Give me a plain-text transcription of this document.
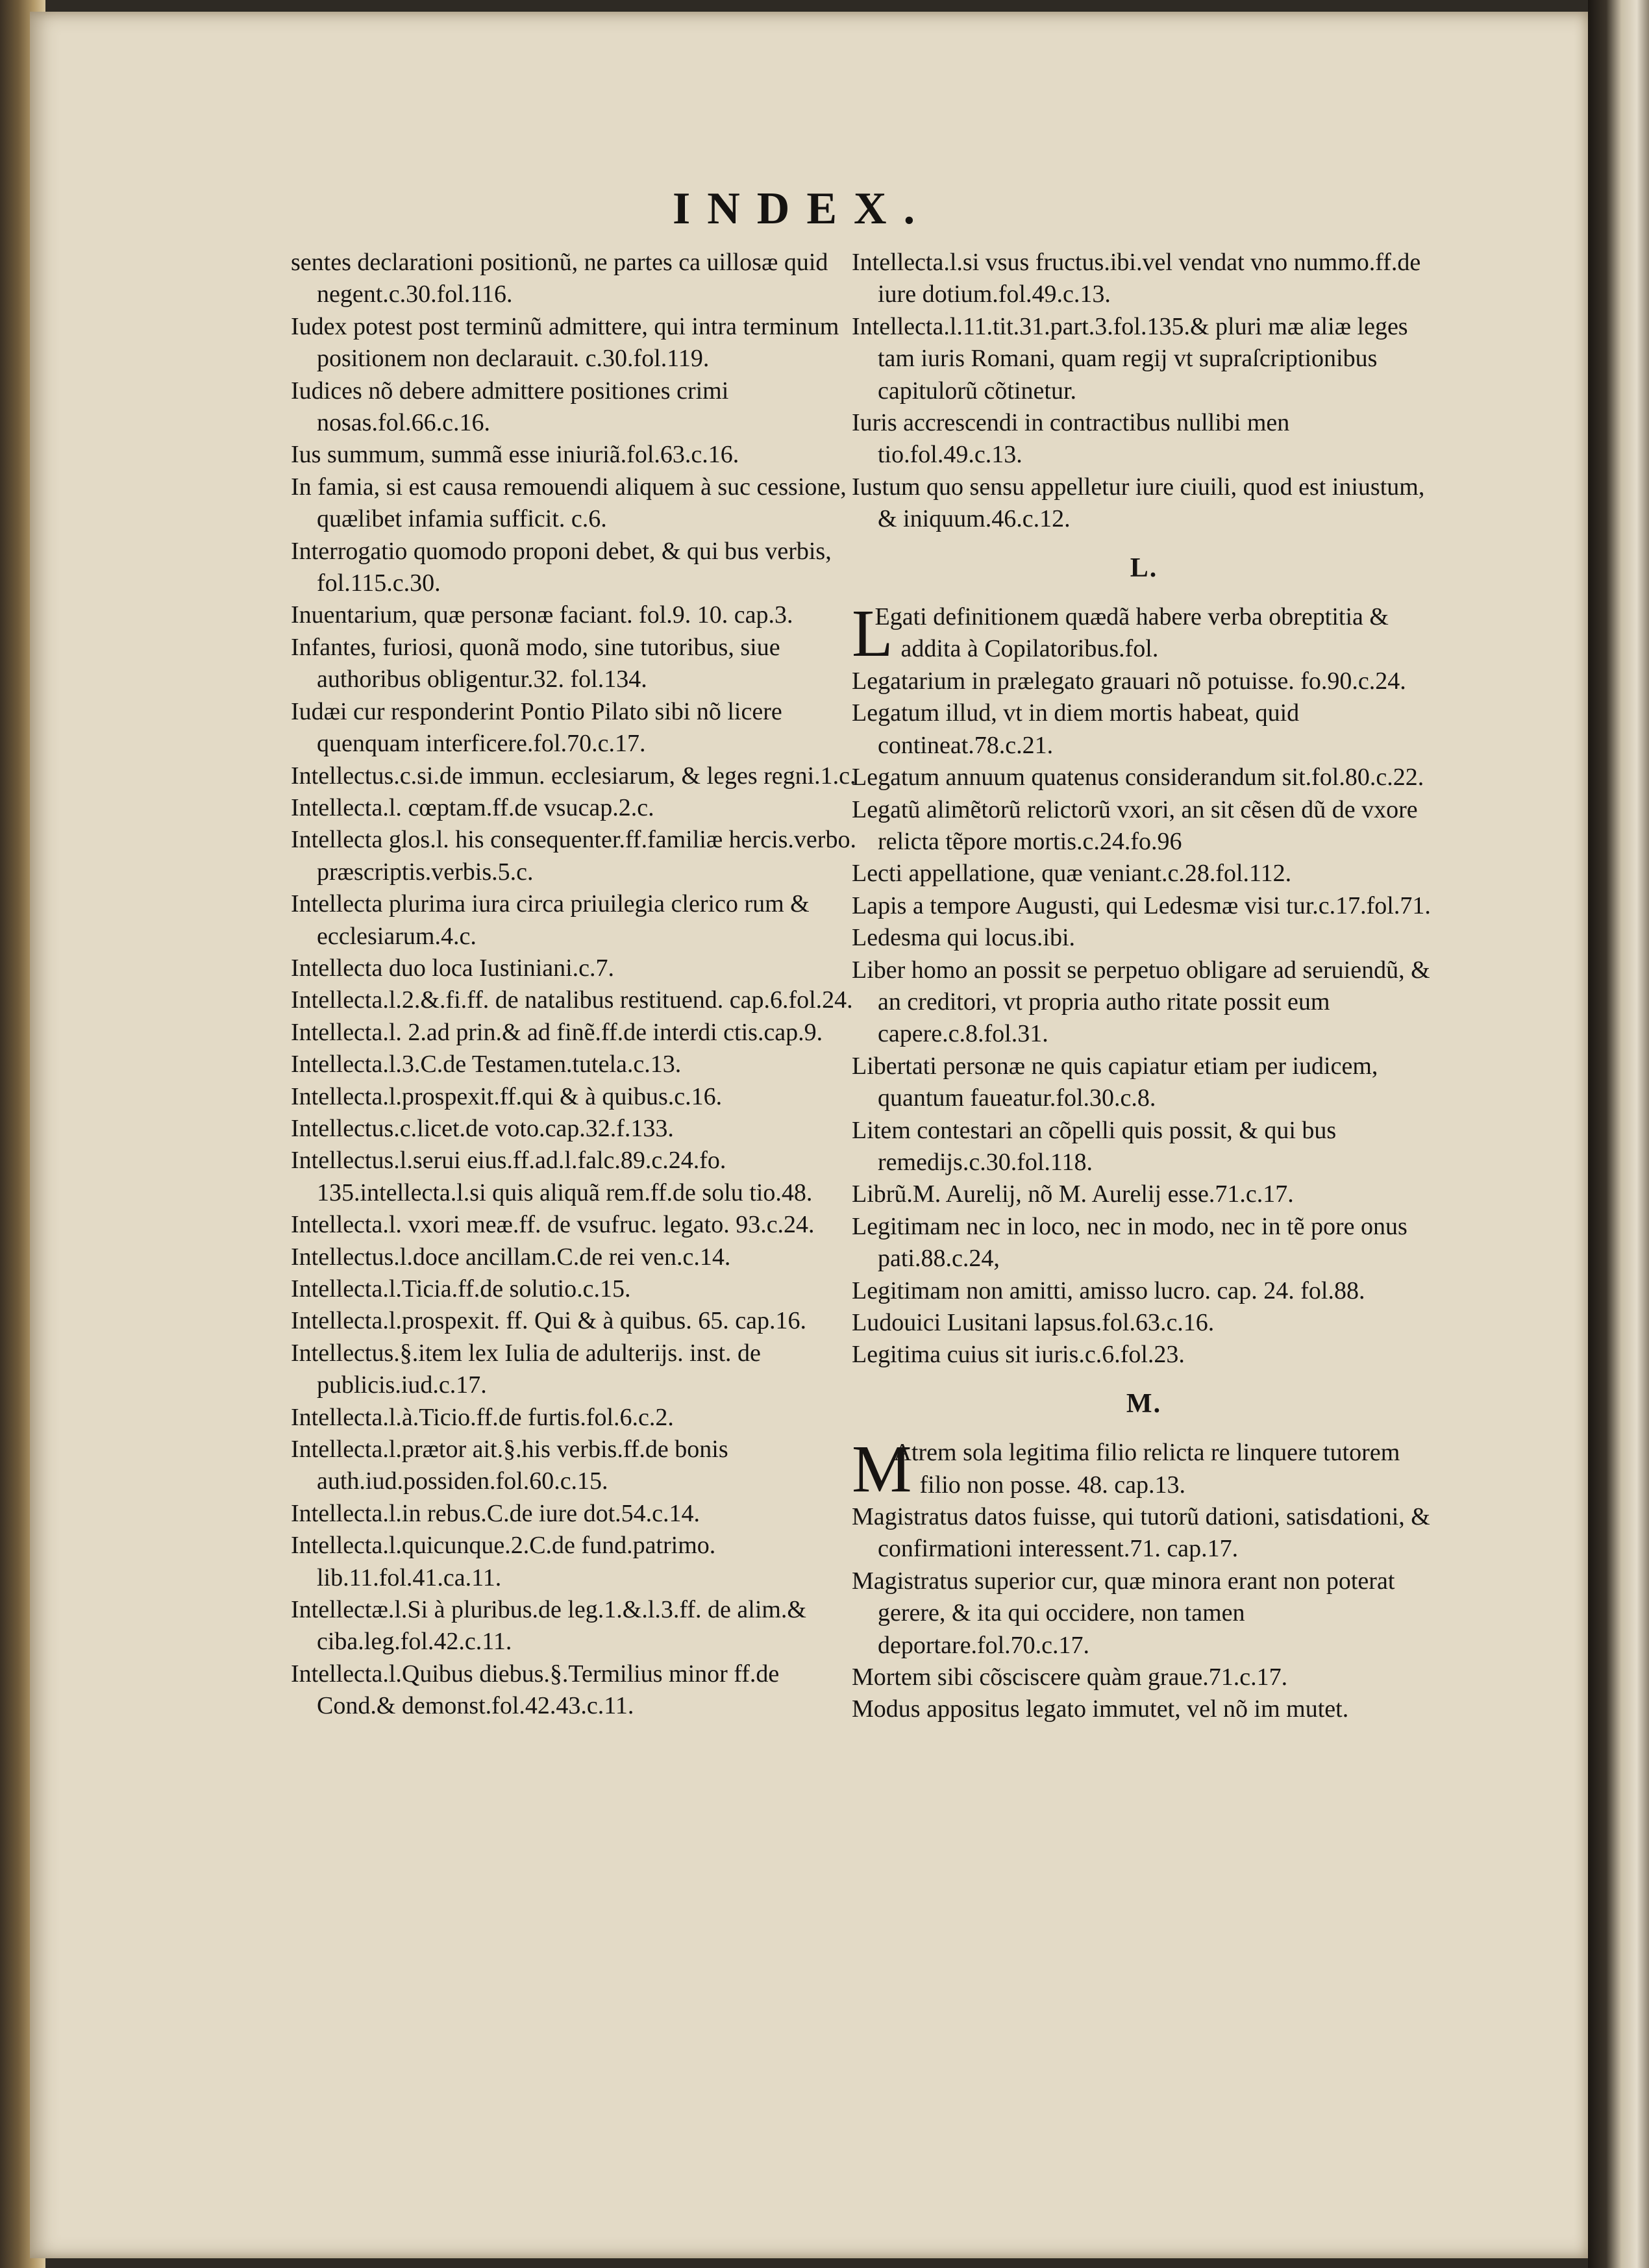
INDEX.

sentes declarationi positionũ, ne partes ca uillosæ quid negent.c.30.fol.116.

Iudex potest post terminũ admittere, qui intra terminum positionem non declarauit. c.30.fol.119.

Iudices nõ debere admittere positiones crimi nosas.fol.66.c.16.

Ius summum, summã esse iniuriã.fol.63.c.16.

In famia, si est causa remouendi aliquem à suc cessione, quælibet infamia sufficit. c.6.

Interrogatio quomodo proponi debet, & qui bus verbis, fol.115.c.30.

Inuentarium, quæ personæ faciant. fol.9. 10. cap.3.

Infantes, furiosi, quonã modo, sine tutoribus, siue authoribus obligentur.32. fol.134.

Iudæi cur responderint Pontio Pilato sibi nõ licere quenquam interficere.fol.70.c.17.

Intellectus.c.si.de immun. ecclesiarum, & leges regni.1.c.

Intellecta.l. cœptam.ff.de vsucap.2.c.

Intellecta glos.l. his consequenter.ff.familiæ hercis.verbo. præscriptis.verbis.5.c.

Intellecta plurima iura circa priuilegia clerico rum & ecclesiarum.4.c.

Intellecta duo loca Iustiniani.c.7.

Intellecta.l.2.&.fi.ff. de natalibus restituend. cap.6.fol.24.

Intellecta.l. 2.ad prin.& ad finẽ.ff.de interdi ctis.cap.9.

Intellecta.l.3.C.de Testamen.tutela.c.13.

Intellecta.l.prospexit.ff.qui & à quibus.c.16.

Intellectus.c.licet.de voto.cap.32.f.133.

Intellectus.l.serui eius.ff.ad.l.falc.89.c.24.fo. 135.intellecta.l.si quis aliquã rem.ff.de solu tio.48.

Intellecta.l. vxori meæ.ff. de vsufruc. legato. 93.c.24.

Intellectus.l.doce ancillam.C.de rei ven.c.14.

Intellecta.l.Ticia.ff.de solutio.c.15.

Intellecta.l.prospexit. ff. Qui & à quibus. 65. cap.16.

Intellectus.§.item lex Iulia de adulterijs. inst. de publicis.iud.c.17.

Intellecta.l.à.Ticio.ff.de furtis.fol.6.c.2.

Intellecta.l.prætor ait.§.his verbis.ff.de bonis auth.iud.possiden.fol.60.c.15.

Intellecta.l.in rebus.C.de iure dot.54.c.14.

Intellecta.l.quicunque.2.C.de fund.patrimo. lib.11.fol.41.ca.11.

Intellectæ.l.Si à pluribus.de leg.1.&.l.3.ff. de alim.& ciba.leg.fol.42.c.11.

Intellecta.l.Quibus diebus.§.Termilius minor ff.de Cond.& demonst.fol.42.43.c.11.

Intellecta.l.si vsus fructus.ibi.vel vendat vno nummo.ff.de iure dotium.fol.49.c.13.

Intellecta.l.11.tit.31.part.3.fol.135.& pluri mæ aliæ leges tam iuris Romani, quam regij vt supraſcriptionibus capitulorũ cõtinetur.

Iuris accrescendi in contractibus nullibi men tio.fol.49.c.13.

Iustum quo sensu appelletur iure ciuili, quod est iniustum, & iniquum.46.c.12.

L.

L
Egati definitionem quædã habere verba obreptitia & addita à Copilatoribus.fol.

Legatarium in prælegato grauari nõ potuisse. fo.90.c.24.

Legatum illud, vt in diem mortis habeat, quid contineat.78.c.21.

Legatum annuum quatenus considerandum sit.fol.80.c.22.

Legatũ alimẽtorũ relictorũ vxori, an sit cẽsen dũ de vxore relicta tẽpore mortis.c.24.fo.96

Lecti appellatione, quæ veniant.c.28.fol.112.

Lapis a tempore Augusti, qui Ledesmæ visi tur.c.17.fol.71.

Ledesma qui locus.ibi.

Liber homo an possit se perpetuo obligare ad seruiendũ, & an creditori, vt propria autho ritate possit eum capere.c.8.fol.31.

Libertati personæ ne quis capiatur etiam per iudicem, quantum faueatur.fol.30.c.8.

Litem contestari an cõpelli quis possit, & qui bus remedijs.c.30.fol.118.

Librũ.M. Aurelij, nõ M. Aurelij esse.71.c.17.

Legitimam nec in loco, nec in modo, nec in tẽ pore onus pati.88.c.24,

Legitimam non amitti, amisso lucro. cap. 24. fol.88.

Ludouici Lusitani lapsus.fol.63.c.16.

Legitima cuius sit iuris.c.6.fol.23.

M.

M
Atrem sola legitima filio relicta re linquere tutorem filio non posse. 48. cap.13.

Magistratus datos fuisse, qui tutorũ dationi, satisdationi, & confirmationi interessent.71. cap.17.

Magistratus superior cur, quæ minora erant non poterat gerere, & ita qui occidere, non tamen deportare.fol.70.c.17.

Mortem sibi cõsciscere quàm graue.71.c.17.

Modus appositus legato immutet, vel nõ im mutet.
